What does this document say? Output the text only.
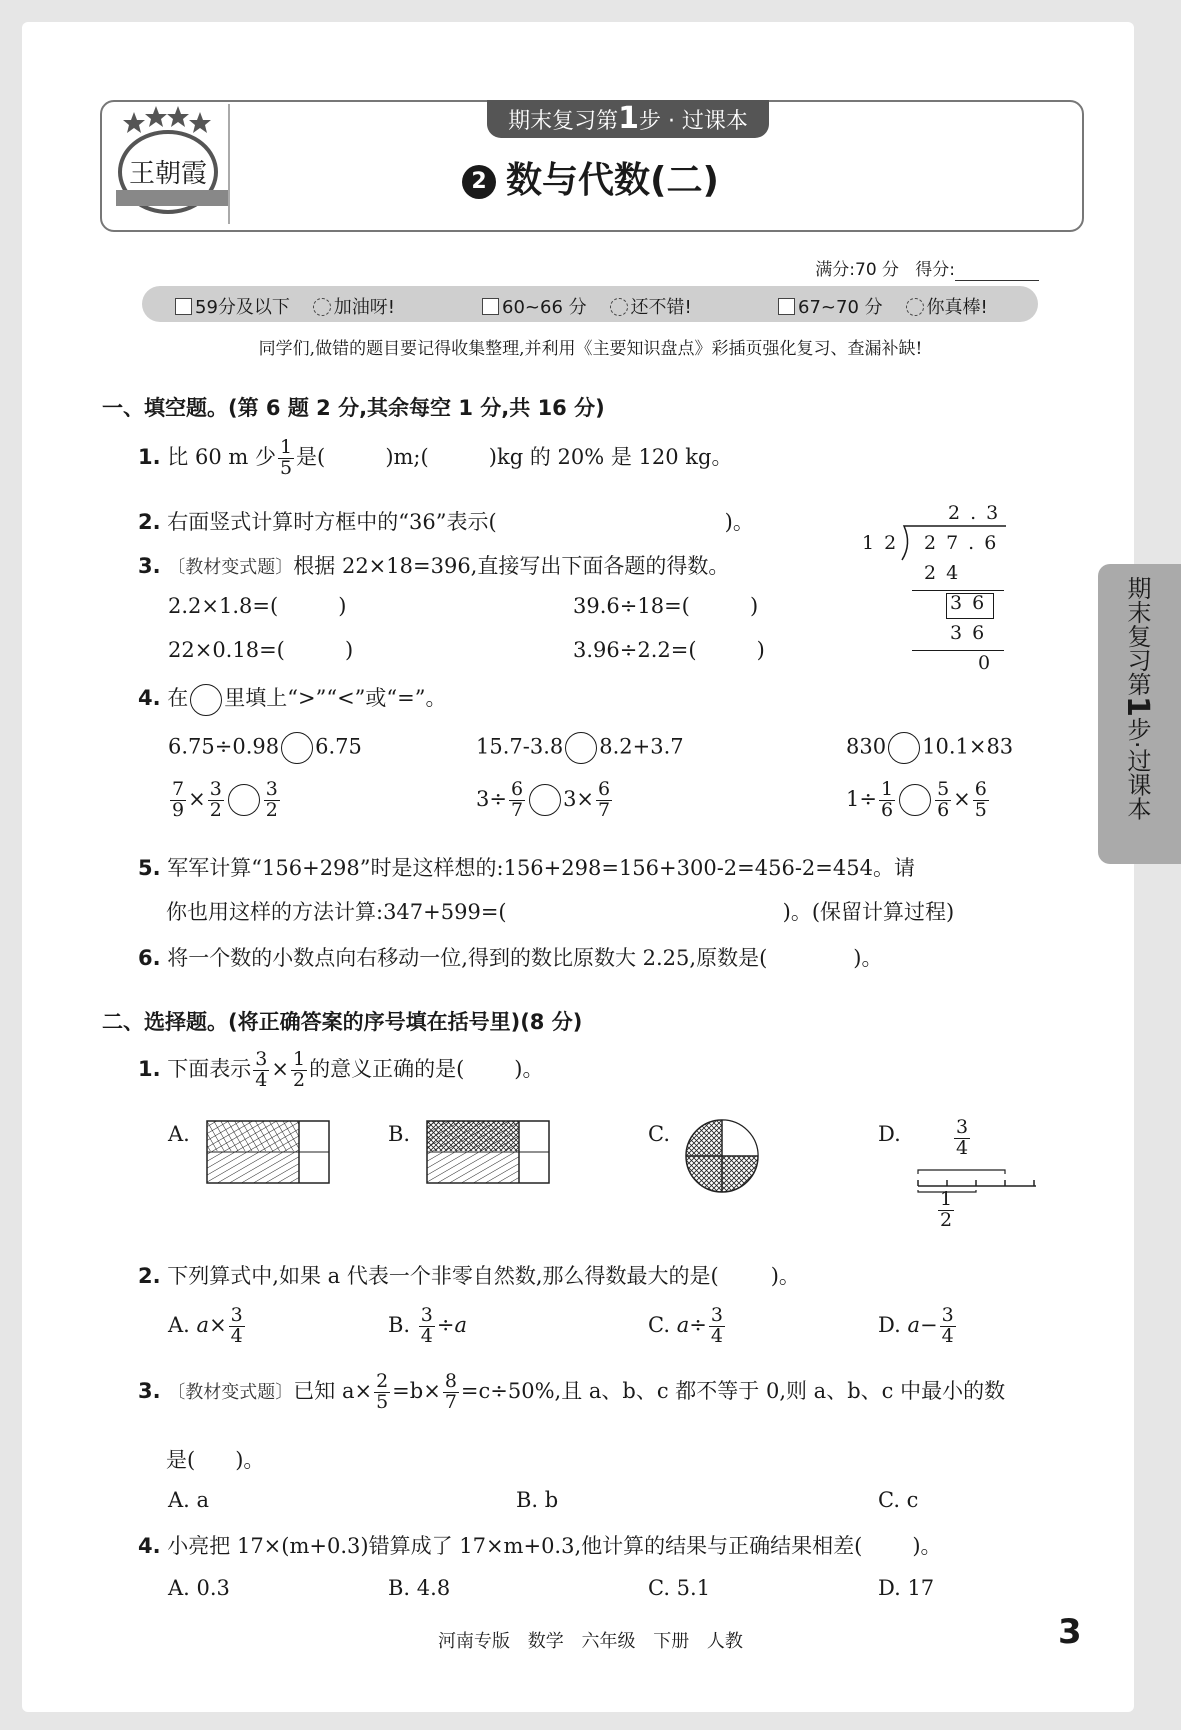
王朝霞
期末复习第1步 · 过课本
2 数与代数(二)
满分:70 分 得分:
59分及以下 加油呀!	60~66 分 还不错!	67~70 分 你真棒!
同学们,做错的题目要记得收集整理,并利用《主要知识盘点》彩插页强化复习、查漏补缺!
期末复习第1步·过课本
一、填空题。(第 6 题 2 分,其余每空 1 分,共 16 分)
1. 比 60 m 少 $\frac{1}{5}$ 是(	)m;(	)kg 的 20% 是 120 kg。
2. 右面竖式计算时方框中的“36”表示(	)。	2.3
12 27.6
24
36
36
0
3. 〔教材变式题〕根据 22×18=396,直接写出下面各题的得数。
2.2×1.8=(	)	39.6÷18=(	)
22×0.18=(	)	3.96÷2.2=(	)
4. 在 里填上“>”“<”或“=”。
6.75÷0.98 6.75	15.7-3.8 8.2+3.7	830 10.1×83
$\frac{7}{9} \times \frac{3}{2} \frac{3}{2}$	$3\div \frac{6}{7} 3\times \frac{6}{7}$	$1\div \frac{1}{6} \frac{5}{6} \times \frac{6}{5}$
5. 军军计算“156+298”时是这样想的:156+298=156+300-2=456-2=454。请
你也用这样的方法计算:347+599=(	)。(保留计算过程)
6. 将一个数的小数点向右移动一位,得到的数比原数大 2.25,原数是(	)。
二、选择题。(将正确答案的序号填在括号里)(8 分)
1. 下面表示 $\frac{3}{4} \times \frac{1}{2}$ 的意义正确的是( )。
A.	B.	C.	D.	$\frac{3}{4}$
$\frac{1}{2}$
2. 下列算式中,如果 a 代表一个非零自然数,那么得数最大的是( )。
A. $a\times \frac{3}{4}$	B. $\frac{3}{4} \div a$	C. $a\div \frac{3}{4}$	D. $a- \frac{3}{4}$
3. 〔教材变式题〕已知 $a\times \frac{2}{5} =b\times \frac{8}{7} =c\div 50\%$,且 a、b、c 都不等于 0,则 a、b、c 中最小的数
是( )。
A. a	B. b	C. c
4. 小亮把 17×(m+0.3)错算成了 17×m+0.3,他计算的结果与正确结果相差( )。
A. 0.3	B. 4.8	C. 5.1	D. 17
河南专版 数学 六年级 下册 人教	3
